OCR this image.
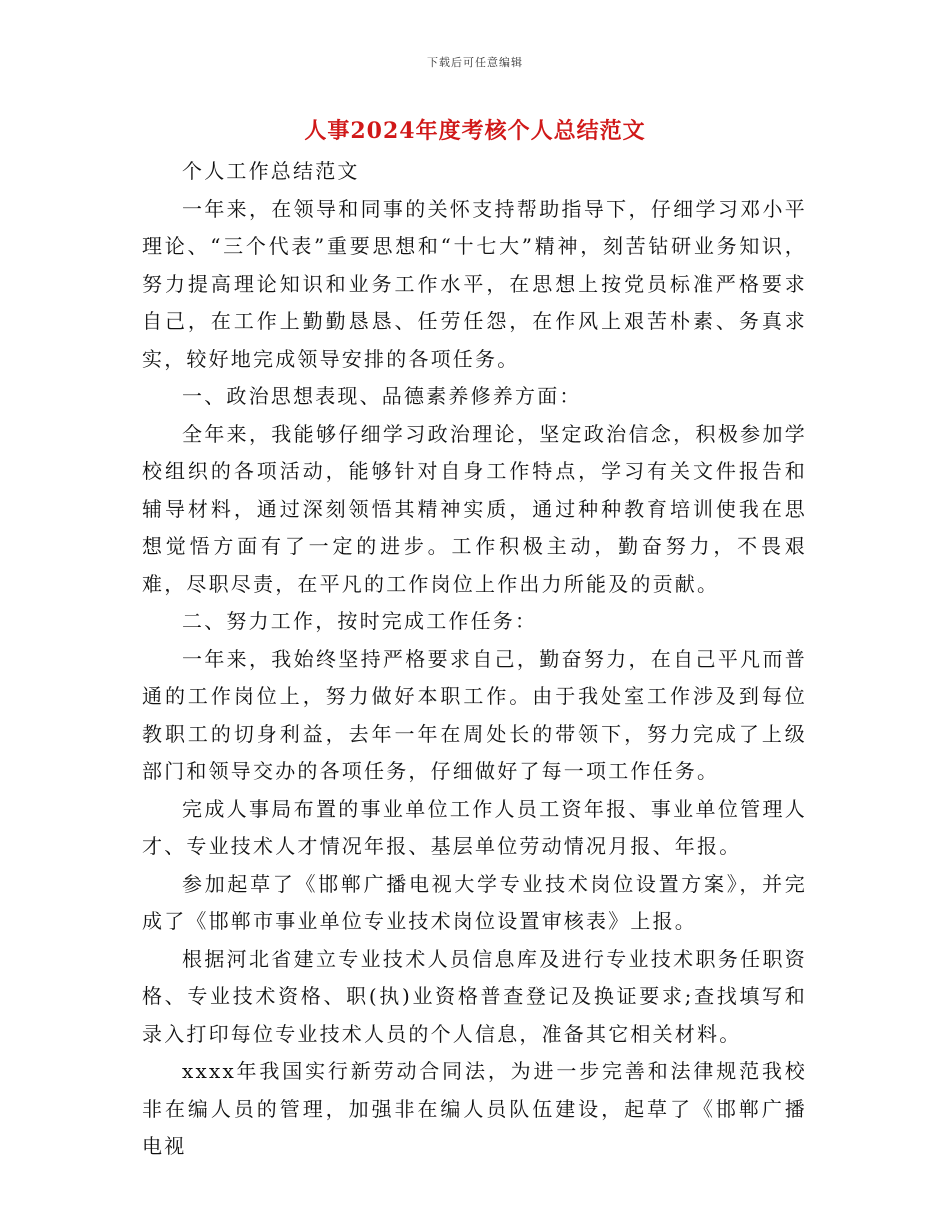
下载后可任意编辑
人事2024年度考核个人总结范文

个人工作总结范文

一年来，在领导和同事的关怀支持帮助指导下，仔细学习邓小平理论、“三个代表”重要思想和“十七大”精神，刻苦钻研业务知识，努力提高理论知识和业务工作水平，在思想上按党员标准严格要求自己，在工作上勤勤恳恳、任劳任怨，在作风上艰苦朴素、务真求实，较好地完成领导安排的各项任务。

一、政治思想表现、品德素养修养方面：

全年来，我能够仔细学习政治理论，坚定政治信念，积极参加学校组织的各项活动，能够针对自身工作特点，学习有关文件报告和辅导材料，通过深刻领悟其精神实质，通过种种教育培训使我在思想觉悟方面有了一定的进步。工作积极主动，勤奋努力，不畏艰难，尽职尽责，在平凡的工作岗位上作出力所能及的贡献。

二、努力工作，按时完成工作任务：

一年来，我始终坚持严格要求自己，勤奋努力，在自己平凡而普通的工作岗位上，努力做好本职工作。由于我处室工作涉及到每位教职工的切身利益，去年一年在周处长的带领下，努力完成了上级部门和领导交办的各项任务，仔细做好了每一项工作任务。

完成人事局布置的事业单位工作人员工资年报、事业单位管理人才、专业技术人才情况年报、基层单位劳动情况月报、年报。

参加起草了《邯郸广播电视大学专业技术岗位设置方案》，并完成了《邯郸市事业单位专业技术岗位设置审核表》上报。

根据河北省建立专业技术人员信息库及进行专业技术职务任职资格、专业技术资格、职(执)业资格普查登记及换证要求;查找填写和录入打印每位专业技术人员的个人信息，准备其它相关材料。

xxxx年我国实行新劳动合同法，为进一步完善和法律规范我校非在编人员的管理，加强非在编人员队伍建设，起草了《邯郸广播电视
